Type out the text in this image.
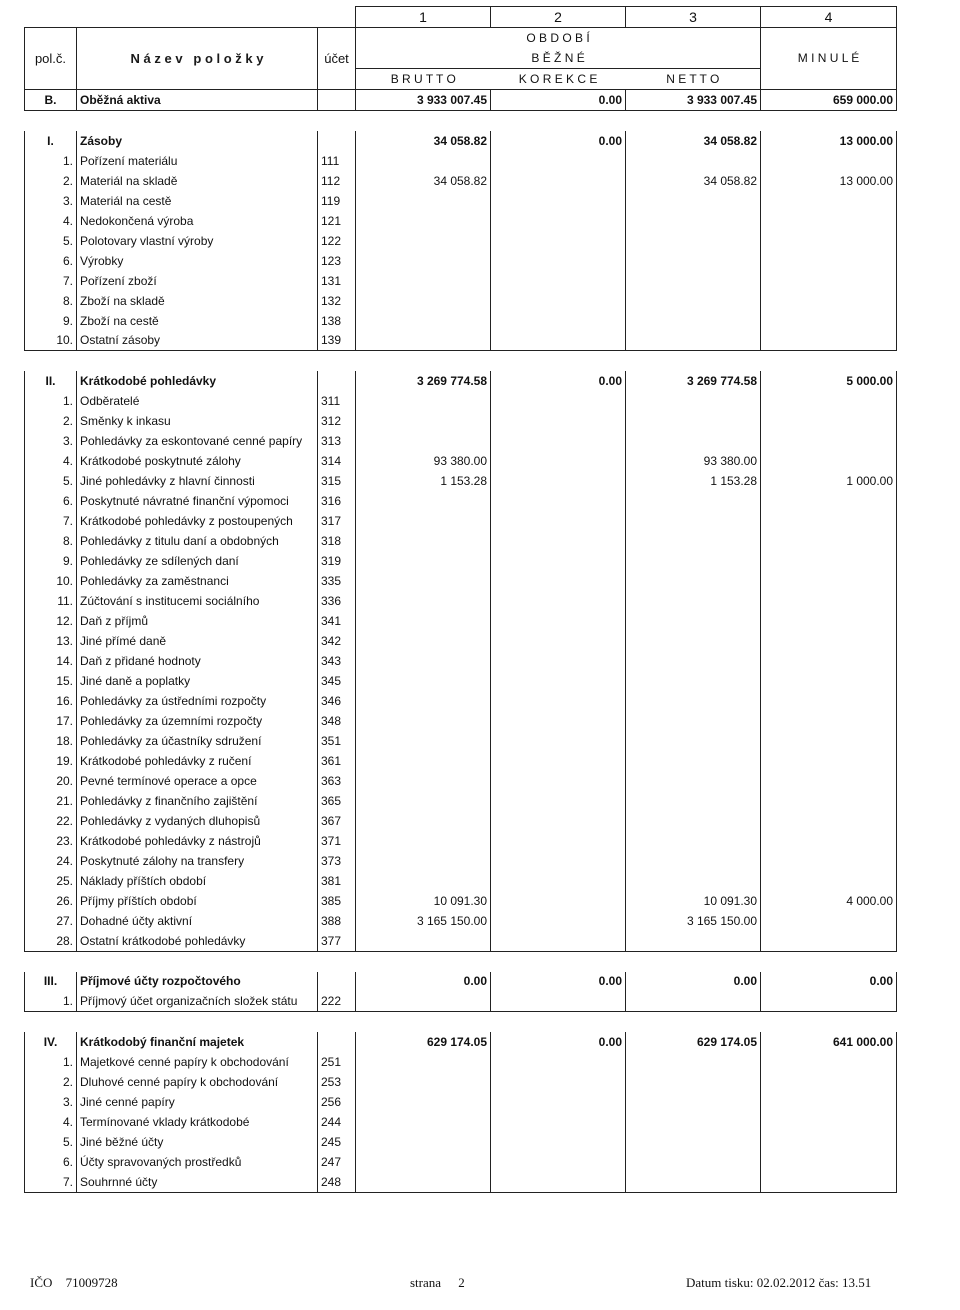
			1	2	3	4
pol.č.	N á z e v   p o l o ž k y	účet	O B D O B Í			M I N U L É
			B Ě Ž N É			
			B R U T T O	K O R E K C E	N E T T O	
B.	Oběžná aktiva		3 933 007.45	0.00	3 933 007.45	659 000.00

I.	Zásoby		34 058.82	0.00	34 058.82	13 000.00
1.	Pořízení materiálu	111				
2.	Materiál na skladě	112	34 058.82		34 058.82	13 000.00
3.	Materiál na cestě	119				
4.	Nedokončená výroba	121				
5.	Polotovary vlastní výroby	122				
6.	Výrobky	123				
7.	Pořízení zboží	131				
8.	Zboží na skladě	132				
9.	Zboží na cestě	138				
10.	Ostatní zásoby	139				

II.	Krátkodobé pohledávky		3 269 774.58	0.00	3 269 774.58	5 000.00
1.	Odběratelé	311				
2.	Směnky k inkasu	312				
3.	Pohledávky za eskontované cenné papíry	313				
4.	Krátkodobé poskytnuté zálohy	314	93 380.00		93 380.00	
5.	Jiné pohledávky z hlavní činnosti	315	1 153.28		1 153.28	1 000.00
6.	Poskytnuté návratné finanční výpomoci	316				
7.	Krátkodobé pohledávky z postoupených	317				
8.	Pohledávky z titulu daní a obdobných	318				
9.	Pohledávky ze sdílených daní	319				
10.	Pohledávky za zaměstnanci	335				
11.	Zúčtování s institucemi sociálního	336				
12.	Daň z příjmů	341				
13.	Jiné přímé daně	342				
14.	Daň z přidané hodnoty	343				
15.	Jiné daně a poplatky	345				
16.	Pohledávky za ústředními rozpočty	346				
17.	Pohledávky za územními rozpočty	348				
18.	Pohledávky za účastníky sdružení	351				
19.	Krátkodobé pohledávky z ručení	361				
20.	Pevné termínové operace a opce	363				
21.	Pohledávky z finančního zajištění	365				
22.	Pohledávky z vydaných dluhopisů	367				
23.	Krátkodobé pohledávky z nástrojů	371				
24.	Poskytnuté zálohy na transfery	373				
25.	Náklady příštích období	381				
26.	Příjmy příštích období	385	10 091.30		10 091.30	4 000.00
27.	Dohadné účty aktivní	388	3 165 150.00		3 165 150.00	
28.	Ostatní krátkodobé pohledávky	377				

III.	Příjmové účty rozpočtového		0.00	0.00	0.00	0.00
1.	Příjmový účet organizačních složek státu	222				

IV.	Krátkodobý finanční majetek		629 174.05	0.00	629 174.05	641 000.00
1.	Majetkové cenné papíry k obchodování	251				
2.	Dluhové cenné papíry k obchodování	253				
3.	Jiné cenné papíry	256				
4.	Termínované vklady krátkodobé	244				
5.	Jiné běžné účty	245				
6.	Účty spravovaných prostředků	247				
7.	Souhrnné účty	248				
IČO 71009728	strana 2	Datum tisku: 02.02.2012 čas: 13.51
